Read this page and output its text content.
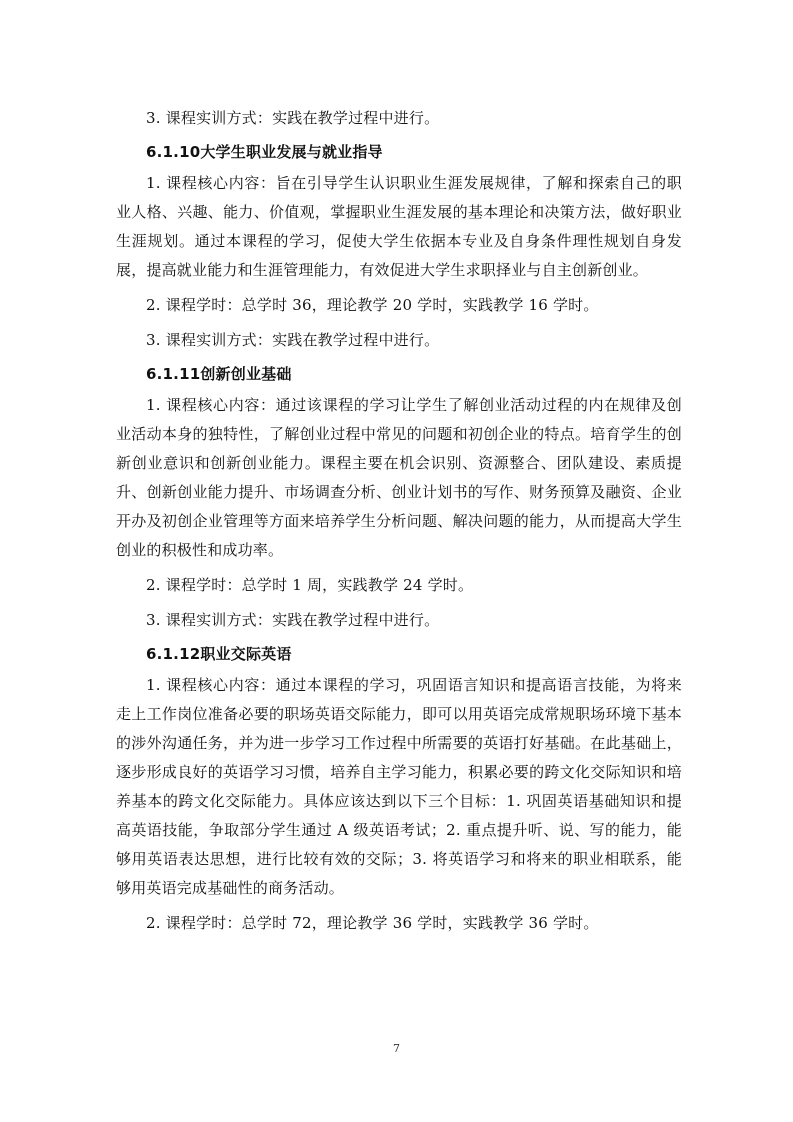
3. 课程实训方式：实践在教学过程中进行。

6.1.10大学生职业发展与就业指导

1. 课程核心内容：旨在引导学生认识职业生涯发展规律，了解和探索自己的职业人格、兴趣、能力、价值观，掌握职业生涯发展的基本理论和决策方法，做好职业生涯规划。通过本课程的学习，促使大学生依据本专业及自身条件理性规划自身发展，提高就业能力和生涯管理能力，有效促进大学生求职择业与自主创新创业。

2. 课程学时：总学时 36，理论教学 20 学时，实践教学 16 学时。

3. 课程实训方式：实践在教学过程中进行。

6.1.11创新创业基础

1. 课程核心内容：通过该课程的学习让学生了解创业活动过程的内在规律及创业活动本身的独特性，了解创业过程中常见的问题和初创企业的特点。培育学生的创新创业意识和创新创业能力。课程主要在机会识别、资源整合、团队建设、素质提升、创新创业能力提升、市场调查分析、创业计划书的写作、财务预算及融资、企业开办及初创企业管理等方面来培养学生分析问题、解决问题的能力，从而提高大学生创业的积极性和成功率。

2. 课程学时：总学时 1 周，实践教学 24 学时。

3. 课程实训方式：实践在教学过程中进行。

6.1.12职业交际英语

1. 课程核心内容：通过本课程的学习，巩固语言知识和提高语言技能，为将来走上工作岗位准备必要的职场英语交际能力，即可以用英语完成常规职场环境下基本的涉外沟通任务，并为进一步学习工作过程中所需要的英语打好基础。在此基础上，逐步形成良好的英语学习习惯，培养自主学习能力，积累必要的跨文化交际知识和培养基本的跨文化交际能力。具体应该达到以下三个目标：1. 巩固英语基础知识和提高英语技能，争取部分学生通过 A 级英语考试；2. 重点提升听、说、写的能力，能够用英语表达思想，进行比较有效的交际；3. 将英语学习和将来的职业相联系，能够用英语完成基础性的商务活动。

2. 课程学时：总学时 72，理论教学 36 学时，实践教学 36 学时。

7
